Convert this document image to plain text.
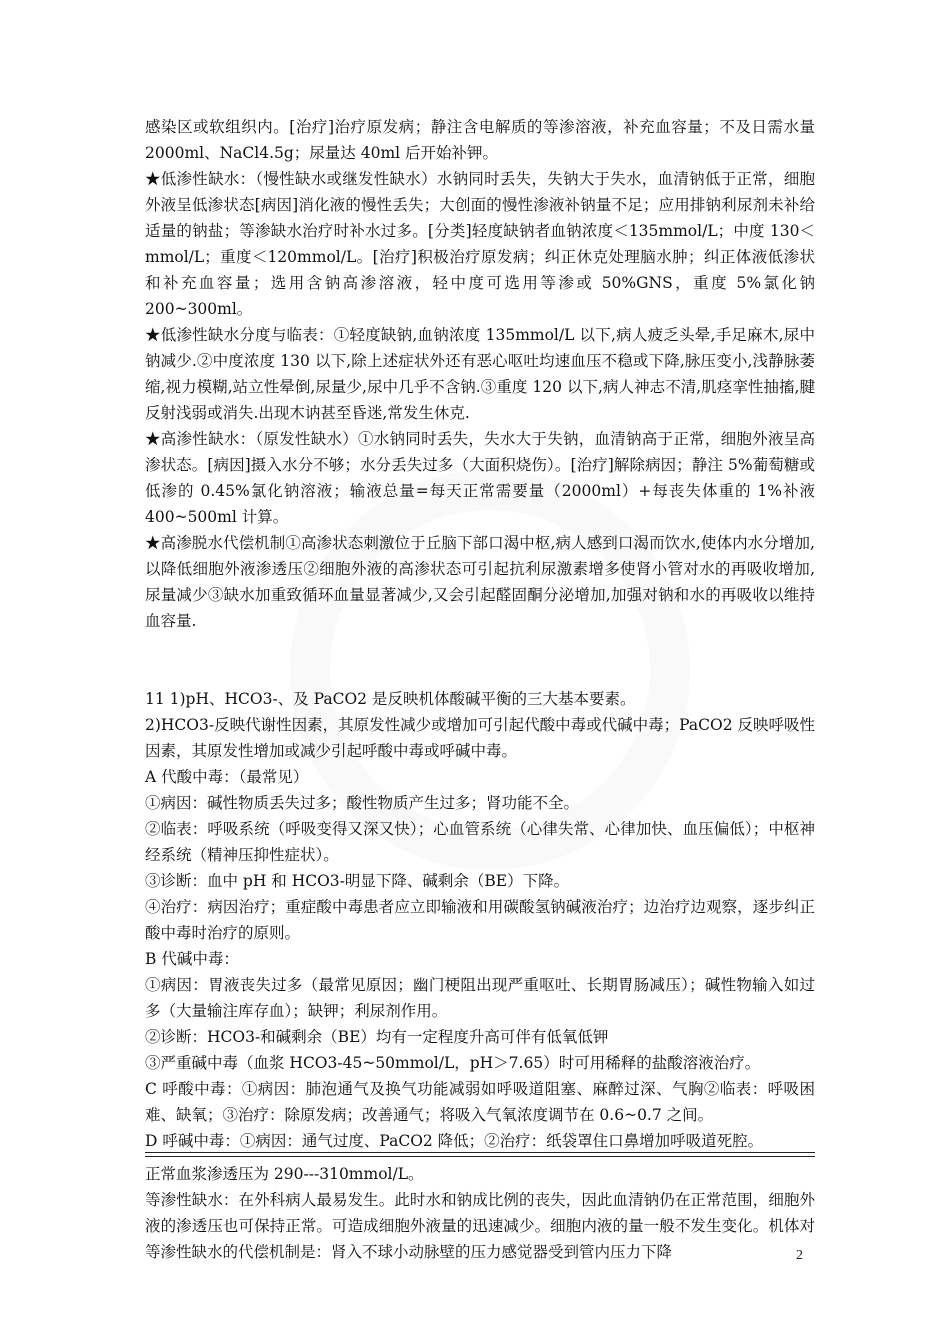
感染区或软组织内。[治疗]治疗原发病；静注含电解质的等渗溶液，补充血容量；不及日需水量 2000ml、NaCl4.5g；尿量达 40ml 后开始补钾。

★低渗性缺水：（慢性缺水或继发性缺水）水钠同时丢失，失钠大于失水，血清钠低于正常，细胞外液呈低渗状态[病因]消化液的慢性丢失；大创面的慢性渗液补钠量不足；应用排钠利尿剂未补给适量的钠盐；等渗缺水治疗时补水过多。[分类]轻度缺钠者血钠浓度＜135mmol/L；中度 130＜mmol/L；重度＜120mmol/L。[治疗]积极治疗原发病；纠正休克处理脑水肿；纠正体液低渗状和补充血容量；选用含钠高渗溶液，轻中度可选用等渗或 50%GNS，重度 5%氯化钠 200~300ml。

★低渗性缺水分度与临表：①轻度缺钠,血钠浓度 135mmol/L 以下,病人疲乏头晕,手足麻木,尿中钠减少.②中度浓度 130 以下,除上述症状外还有恶心呕吐均速血压不稳或下降,脉压变小,浅静脉萎缩,视力模糊,站立性晕倒,尿量少,尿中几乎不含钠.③重度 120 以下,病人神志不清,肌痉挛性抽搐,腱反射浅弱或消失.出现木讷甚至昏迷,常发生休克.

★高渗性缺水：（原发性缺水）①水钠同时丢失，失水大于失钠，血清钠高于正常，细胞外液呈高渗状态。[病因]摄入水分不够；水分丢失过多（大面积烧伤）。[治疗]解除病因；静注 5%葡萄糖或低渗的 0.45%氯化钠溶液；输液总量=每天正常需要量（2000ml）+每丧失体重的 1%补液 400~500ml 计算。

★高渗脱水代偿机制①高渗状态刺激位于丘脑下部口渴中枢,病人感到口渴而饮水,使体内水分增加,以降低细胞外液渗透压②细胞外液的高渗状态可引起抗利尿激素增多使肾小管对水的再吸收增加,尿量减少③缺水加重致循环血量显著减少,又会引起醛固酮分泌增加,加强对钠和水的再吸收以维持血容量.

11 1)pH、HCO3-、及 PaCO2 是反映机体酸碱平衡的三大基本要素。

2)HCO3-反映代谢性因素，其原发性减少或增加可引起代酸中毒或代碱中毒；PaCO2 反映呼吸性因素，其原发性增加或减少引起呼酸中毒或呼碱中毒。

A 代酸中毒：（最常见）

①病因：碱性物质丢失过多；酸性物质产生过多；肾功能不全。

②临表：呼吸系统（呼吸变得又深又快）；心血管系统（心律失常、心律加快、血压偏低）；中枢神经系统（精神压抑性症状）。

③诊断：血中 pH 和 HCO3-明显下降、碱剩余（BE）下降。

④治疗：病因治疗；重症酸中毒患者应立即输液和用碳酸氢钠碱液治疗；边治疗边观察，逐步纠正酸中毒时治疗的原则。

B 代碱中毒：

①病因：胃液丧失过多（最常见原因；幽门梗阻出现严重呕吐、长期胃肠减压）；碱性物输入如过多（大量输注库存血）；缺钾；利尿剂作用。

②诊断：HCO3-和碱剩余（BE）均有一定程度升高可伴有低氧低钾

③严重碱中毒（血浆 HCO3-45~50mmol/L，pH＞7.65）时可用稀释的盐酸溶液治疗。

C 呼酸中毒：①病因：肺泡通气及换气功能减弱如呼吸道阻塞、麻醉过深、气胸②临表：呼吸困难、缺氧；③治疗：除原发病；改善通气；将吸入气氧浓度调节在 0.6~0.7 之间。

D 呼碱中毒：①病因：通气过度、PaCO2 降低；②治疗：纸袋罩住口鼻增加呼吸道死腔。

正常血浆渗透压为 290---310mmol/L。

等渗性缺水：在外科病人最易发生。此时水和钠成比例的丧失，因此血清钠仍在正常范围，细胞外液的渗透压也可保持正常。可造成细胞外液量的迅速减少。细胞内液的量一般不发生变化。机体对等渗性缺水的代偿机制是：肾入不球小动脉壁的压力感觉器受到管内压力下降	2
